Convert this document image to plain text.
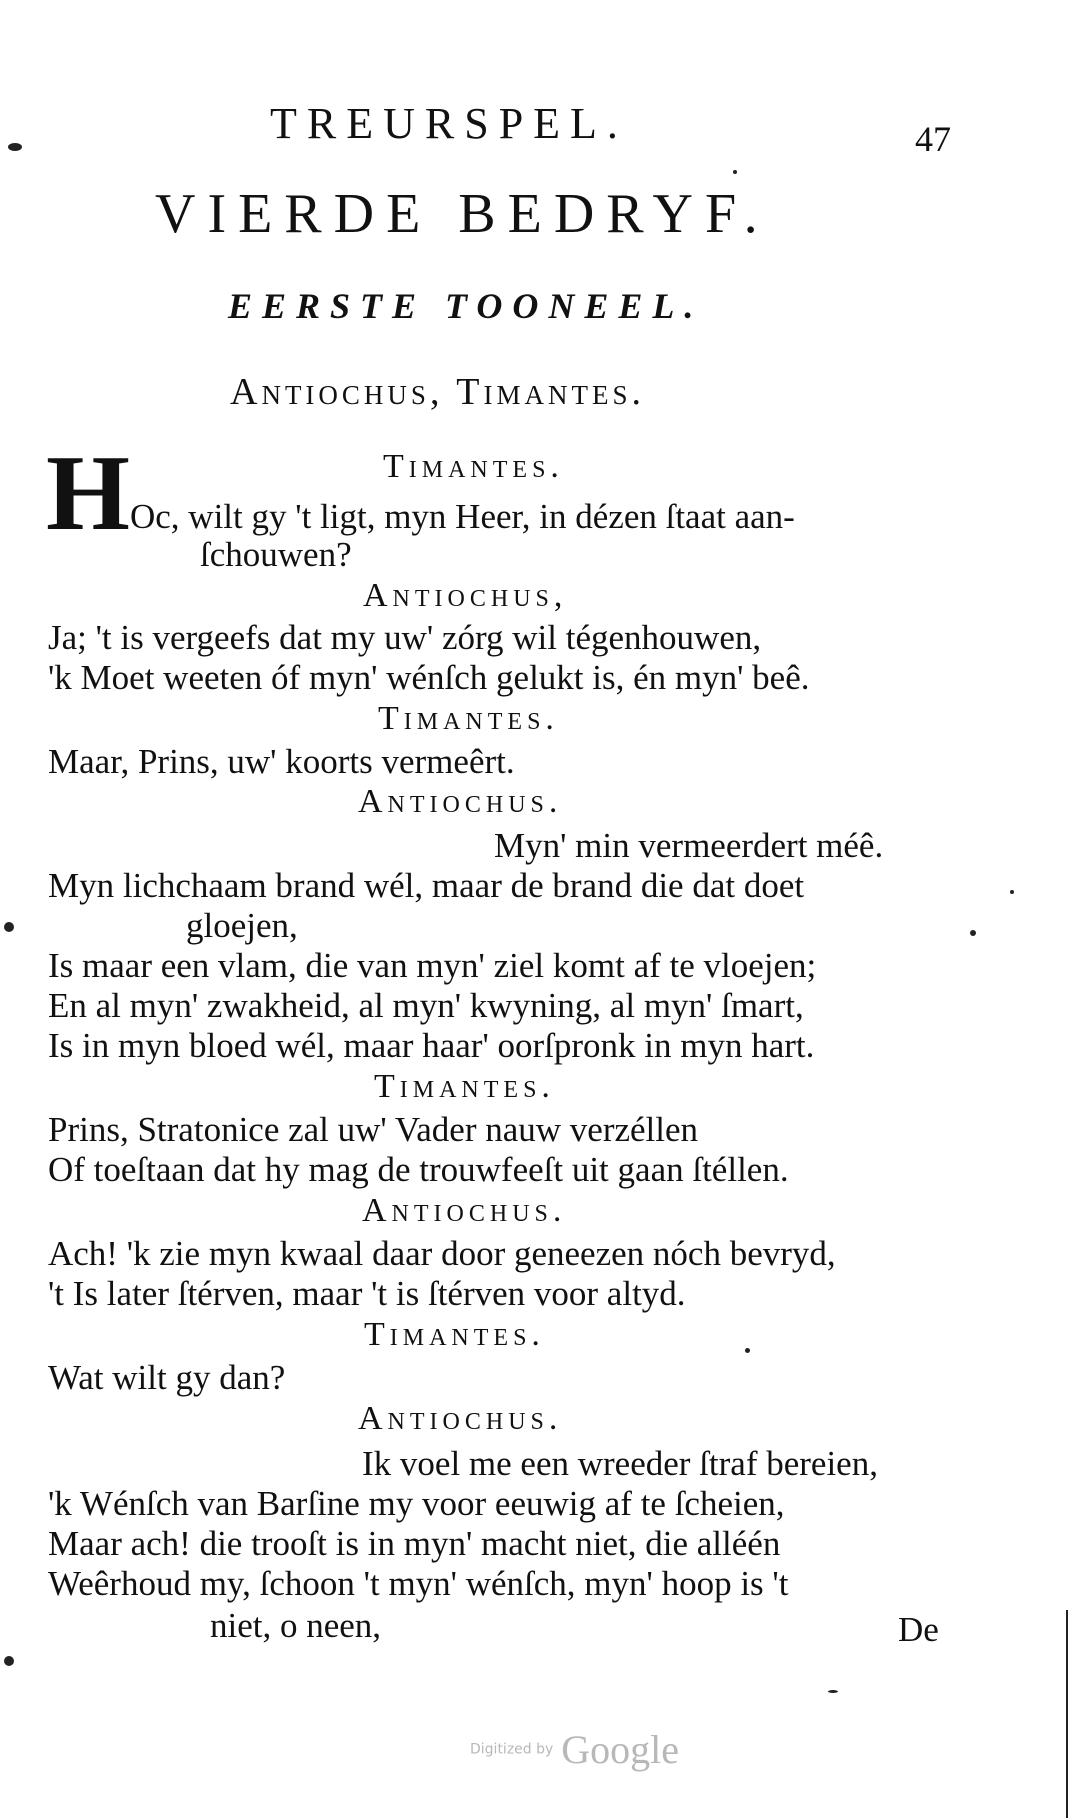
TREURSPEL.	47
VIERDE BEDRYF.
EERSTE TOONEEL.
Antiochus, Timantes.
H	Timantes.
Oc, wilt gy 't ligt, myn Heer, in dézen ſtaat aan-
ſchouwen?
Antiochus,
Ja; 't is vergeefs dat my uw' zórg wil tégenhouwen,
'k Moet weeten óf myn' wénſch gelukt is, én myn' beê.
Timantes.
Maar, Prins, uw' koorts vermeêrt.
Antiochus.
Myn' min vermeerdert méê.
Myn lichchaam brand wél, maar de brand die dat doet
gloejen,
Is maar een vlam, die van myn' ziel komt af te vloejen;
En al myn' zwakheid, al myn' kwyning, al myn' ſmart,
Is in myn bloed wél, maar haar' oorſpronk in myn hart.
Timantes.
Prins, Stratonice zal uw' Vader nauw verzéllen
Of toeſtaan dat hy mag de trouwfeeſt uit gaan ſtéllen.
Antiochus.
Ach! 'k zie myn kwaal daar door geneezen nóch bevryd,
't Is later ſtérven, maar 't is ſtérven voor altyd.
Timantes.
Wat wilt gy dan?
Antiochus.
Ik voel me een wreeder ſtraf bereien,
'k Wénſch van Barſine my voor eeuwig af te ſcheien,
Maar ach! die trooſt is in myn' macht niet, die alléén
Weêrhoud my, ſchoon 't myn' wénſch, myn' hoop is 't
niet, o neen,	De
Digitized by Google
